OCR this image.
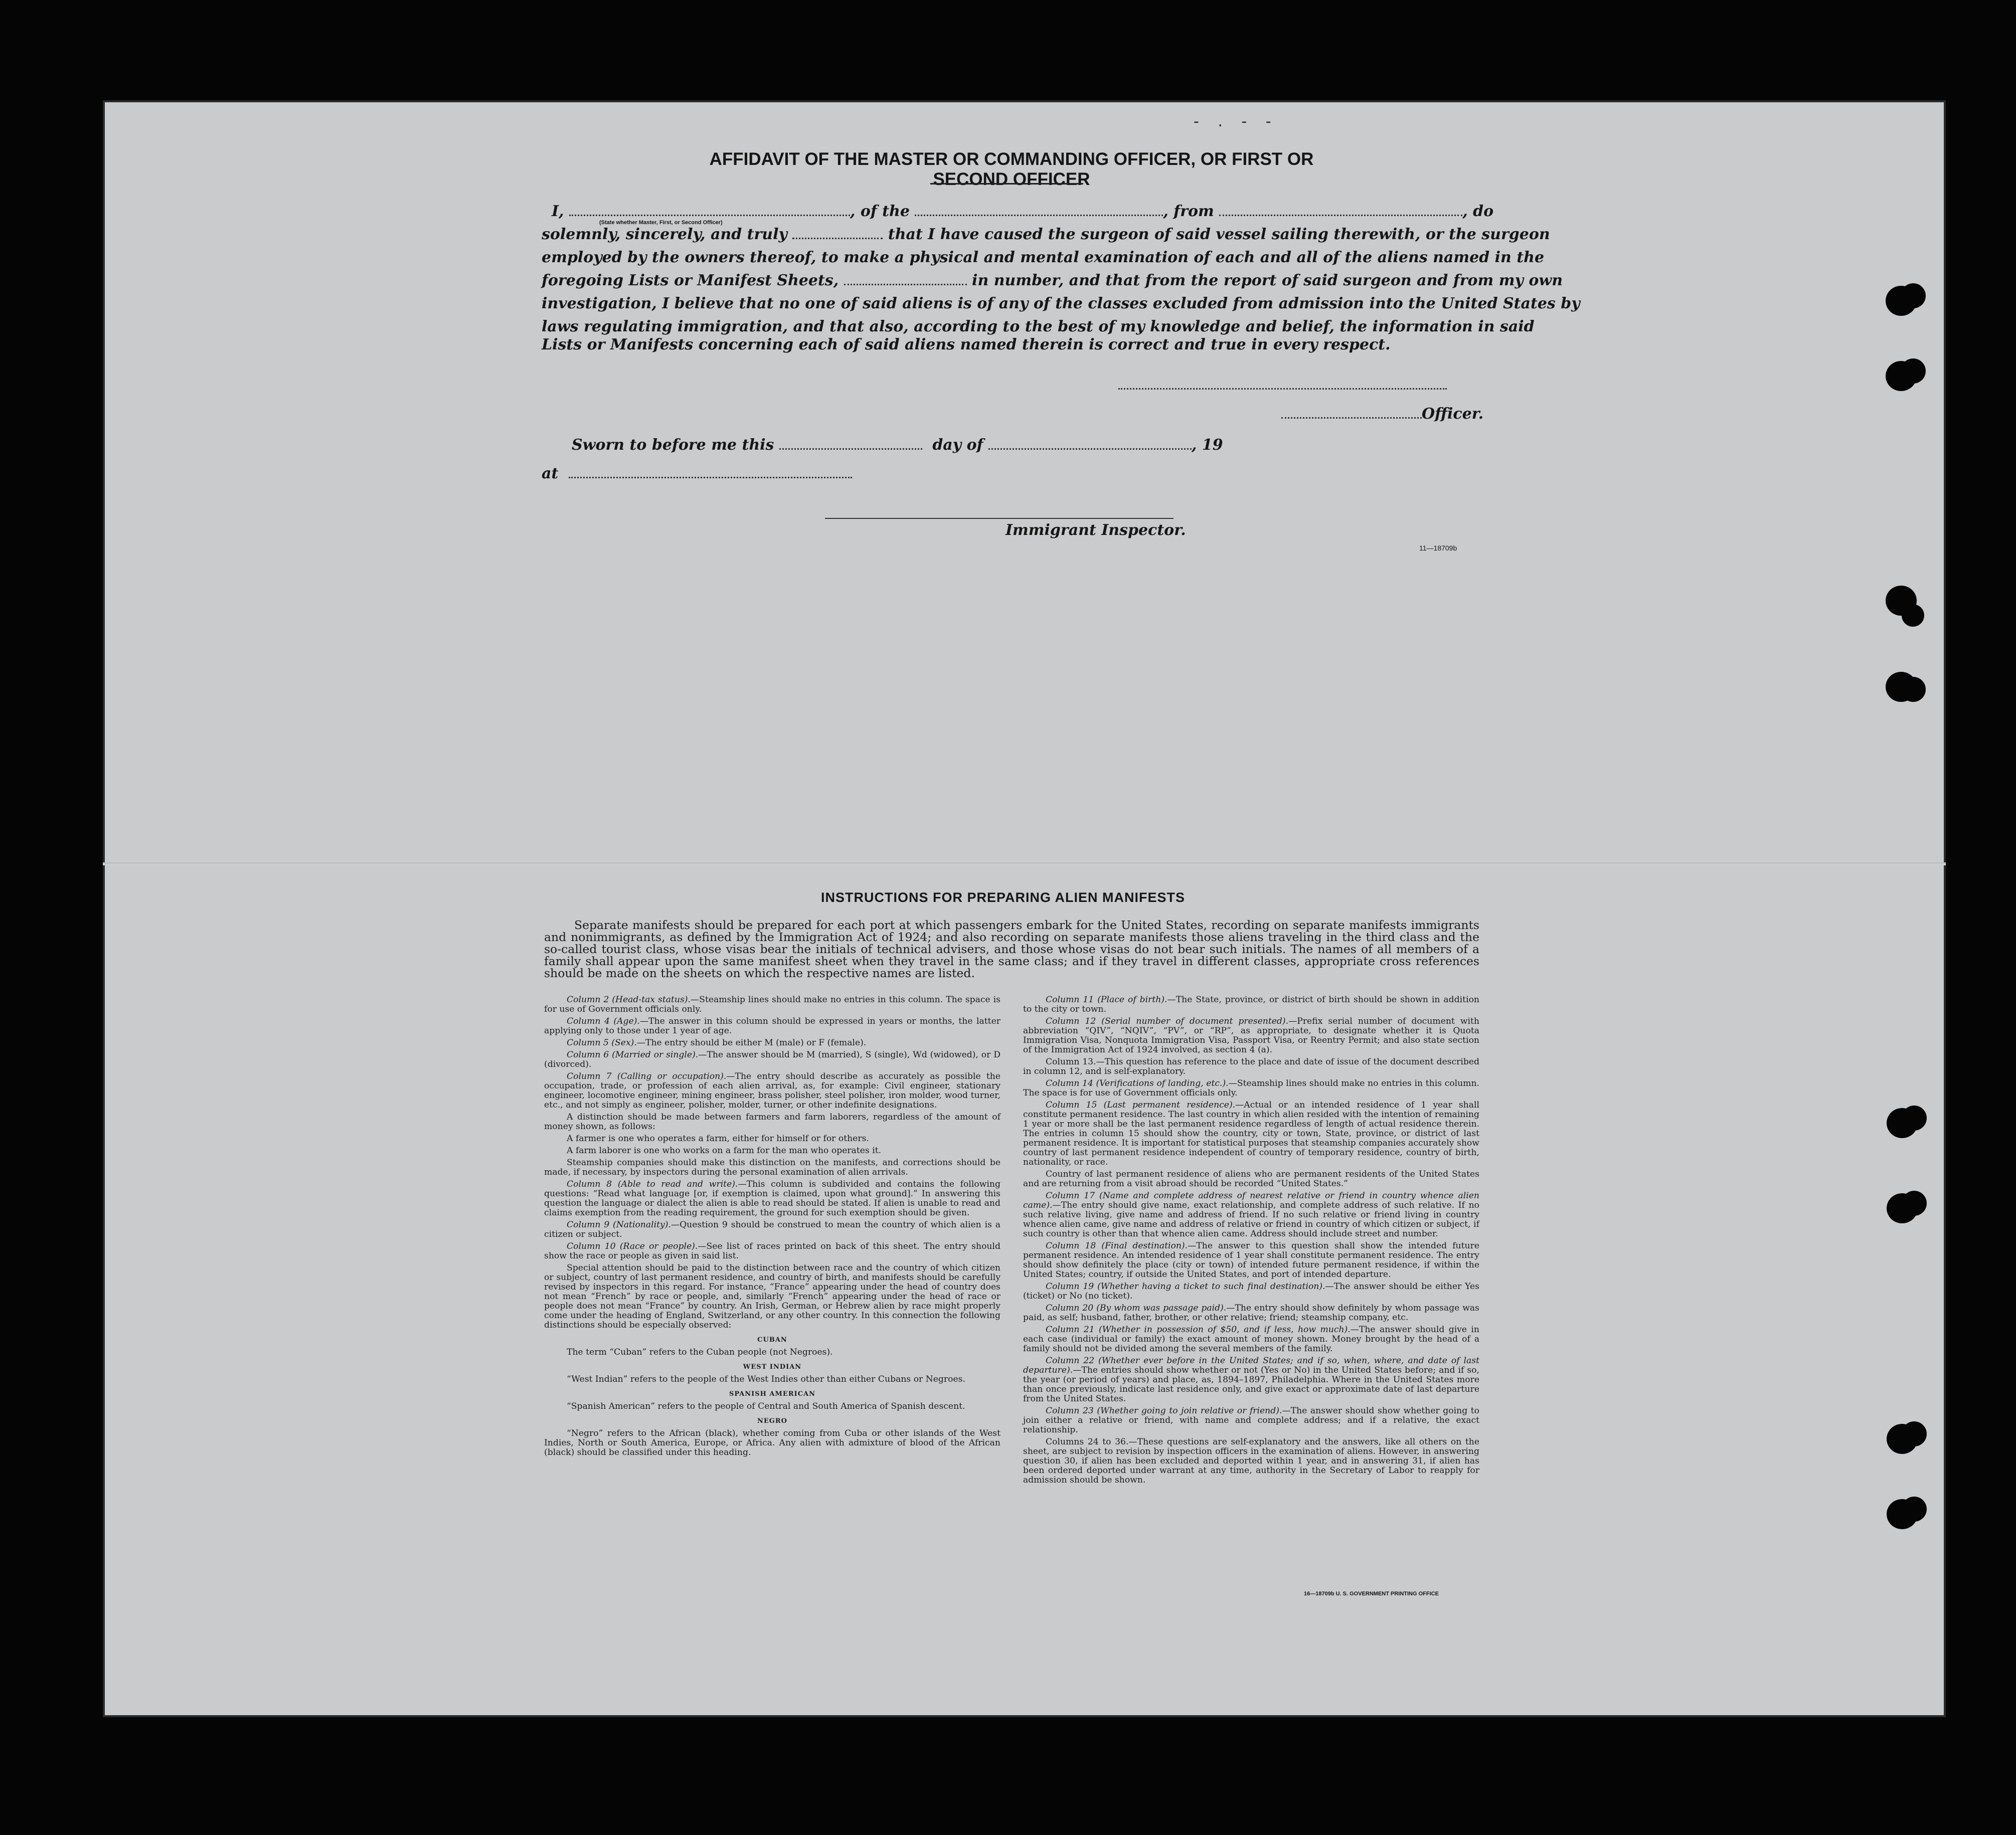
- . - -
AFFIDAVIT OF THE MASTER OR COMMANDING OFFICER, OR FIRST OR SECOND OFFICER
I,	, of the	, from	, do
(State whether Master, First, or Second Officer)
solemnly, sincerely, and truly	that I have caused the surgeon of said vessel sailing therewith, or the surgeon
employed by the owners thereof, to make a physical and mental examination of each and all of the aliens named in the
foregoing Lists or Manifest Sheets,	in number, and that from the report of said surgeon and from my own
investigation, I believe that no one of said aliens is of any of the classes excluded from admission into the United States by
laws regulating immigration, and that also, according to the best of my knowledge and belief, the information in said
Lists or Manifests concerning each of said aliens named therein is correct and true in every respect.
Officer.
Sworn to before me this	day of	, 19
at
Immigrant Inspector.
11—18709b
INSTRUCTIONS FOR PREPARING ALIEN MANIFESTS
Separate manifests should be prepared for each port at which passengers embark for the United States, recording on separate manifests immigrants and nonimmigrants, as defined by the Immigration Act of 1924; and also recording on separate manifests those aliens traveling in the third class and the so-called tourist class, whose visas bear the initials of technical advisers, and those whose visas do not bear such initials. The names of all members of a family shall appear upon the same manifest sheet when they travel in the same class; and if they travel in different classes, appropriate cross references should be made on the sheets on which the respective names are listed.

Column 2 (Head-tax status).—Steamship lines should make no entries in this column. The space is for use of Government officials only.

Column 4 (Age).—The answer in this column should be expressed in years or months, the latter applying only to those under 1 year of age.

Column 5 (Sex).—The entry should be either M (male) or F (female).

Column 6 (Married or single).—The answer should be M (married), S (single), Wd (widowed), or D (divorced).

Column 7 (Calling or occupation).—The entry should describe as accurately as possible the occupation, trade, or profession of each alien arrival, as, for example: Civil engineer, stationary engineer, locomotive engineer, mining engineer, brass polisher, steel polisher, iron molder, wood turner, etc., and not simply as engineer, polisher, molder, turner, or other indefinite designations.

A distinction should be made between farmers and farm laborers, regardless of the amount of money shown, as follows:

A farmer is one who operates a farm, either for himself or for others.

A farm laborer is one who works on a farm for the man who operates it.

Steamship companies should make this distinction on the manifests, and corrections should be made, if necessary, by inspectors during the personal examination of alien arrivals.

Column 8 (Able to read and write).—This column is subdivided and contains the following questions: “Read what language [or, if exemption is claimed, upon what ground].” In answering this question the language or dialect the alien is able to read should be stated. If alien is unable to read and claims exemption from the reading requirement, the ground for such exemption should be given.

Column 9 (Nationality).—Question 9 should be construed to mean the country of which alien is a citizen or subject.

Column 10 (Race or people).—See list of races printed on back of this sheet. The entry should show the race or people as given in said list.

Special attention should be paid to the distinction between race and the country of which citizen or subject, country of last permanent residence, and country of birth, and manifests should be carefully revised by inspectors in this regard. For instance, “France” appearing under the head of country does not mean “French” by race or people, and, similarly “French” appearing under the head of race or people does not mean “France” by country. An Irish, German, or Hebrew alien by race might properly come under the heading of England, Switzerland, or any other country. In this connection the following distinctions should be especially observed:

CUBAN

The term “Cuban” refers to the Cuban people (not Negroes).

WEST INDIAN

“West Indian” refers to the people of the West Indies other than either Cubans or Negroes.

SPANISH AMERICAN

“Spanish American” refers to the people of Central and South America of Spanish descent.

NEGRO

“Negro” refers to the African (black), whether coming from Cuba or other islands of the West Indies, North or South America, Europe, or Africa. Any alien with admixture of blood of the African (black) should be classified under this heading.

Column 11 (Place of birth).—The State, province, or district of birth should be shown in addition to the city or town.

Column 12 (Serial number of document presented).—Prefix serial number of document with abbreviation “QIV”, “NQIV”, “PV”, or “RP”, as appropriate, to designate whether it is Quota Immigration Visa, Nonquota Immigration Visa, Passport Visa, or Reentry Permit; and also state section of the Immigration Act of 1924 involved, as section 4 (a).

Column 13.—This question has reference to the place and date of issue of the document described in column 12, and is self-explanatory.

Column 14 (Verifications of landing, etc.).—Steamship lines should make no entries in this column. The space is for use of Government officials only.

Column 15 (Last permanent residence).—Actual or an intended residence of 1 year shall constitute permanent residence. The last country in which alien resided with the intention of remaining 1 year or more shall be the last permanent residence regardless of length of actual residence therein. The entries in column 15 should show the country, city or town, State, province, or district of last permanent residence. It is important for statistical purposes that steamship companies accurately show country of last permanent residence independent of country of temporary residence, country of birth, nationality, or race.

Country of last permanent residence of aliens who are permanent residents of the United States and are returning from a visit abroad should be recorded “United States.”

Column 17 (Name and complete address of nearest relative or friend in country whence alien came).—The entry should give name, exact relationship, and complete address of such relative. If no such relative living, give name and address of friend. If no such relative or friend living in country whence alien came, give name and address of relative or friend in country of which citizen or subject, if such country is other than that whence alien came. Address should include street and number.

Column 18 (Final destination).—The answer to this question shall show the intended future permanent residence. An intended residence of 1 year shall constitute permanent residence. The entry should show definitely the place (city or town) of intended future permanent residence, if within the United States; country, if outside the United States, and port of intended departure.

Column 19 (Whether having a ticket to such final destination).—The answer should be either Yes (ticket) or No (no ticket).

Column 20 (By whom was passage paid).—The entry should show definitely by whom passage was paid, as self; husband, father, brother, or other relative; friend; steamship company, etc.

Column 21 (Whether in possession of $50, and if less, how much).—The answer should give in each case (individual or family) the exact amount of money shown. Money brought by the head of a family should not be divided among the several members of the family.

Column 22 (Whether ever before in the United States; and if so, when, where, and date of last departure).—The entries should show whether or not (Yes or No) in the United States before; and if so, the year (or period of years) and place, as, 1894–1897, Philadelphia. Where in the United States more than once previously, indicate last residence only, and give exact or approximate date of last departure from the United States.

Column 23 (Whether going to join relative or friend).—The answer should show whether going to join either a relative or friend, with name and complete address; and if a relative, the exact relationship.

Columns 24 to 36.—These questions are self-explanatory and the answers, like all others on the sheet, are subject to revision by inspection officers in the examination of aliens. However, in answering question 30, if alien has been excluded and deported within 1 year, and in answering 31, if alien has been ordered deported under warrant at any time, authority in the Secretary of Labor to reapply for admission should be shown.

16—18709b U. S. GOVERNMENT PRINTING OFFICE
